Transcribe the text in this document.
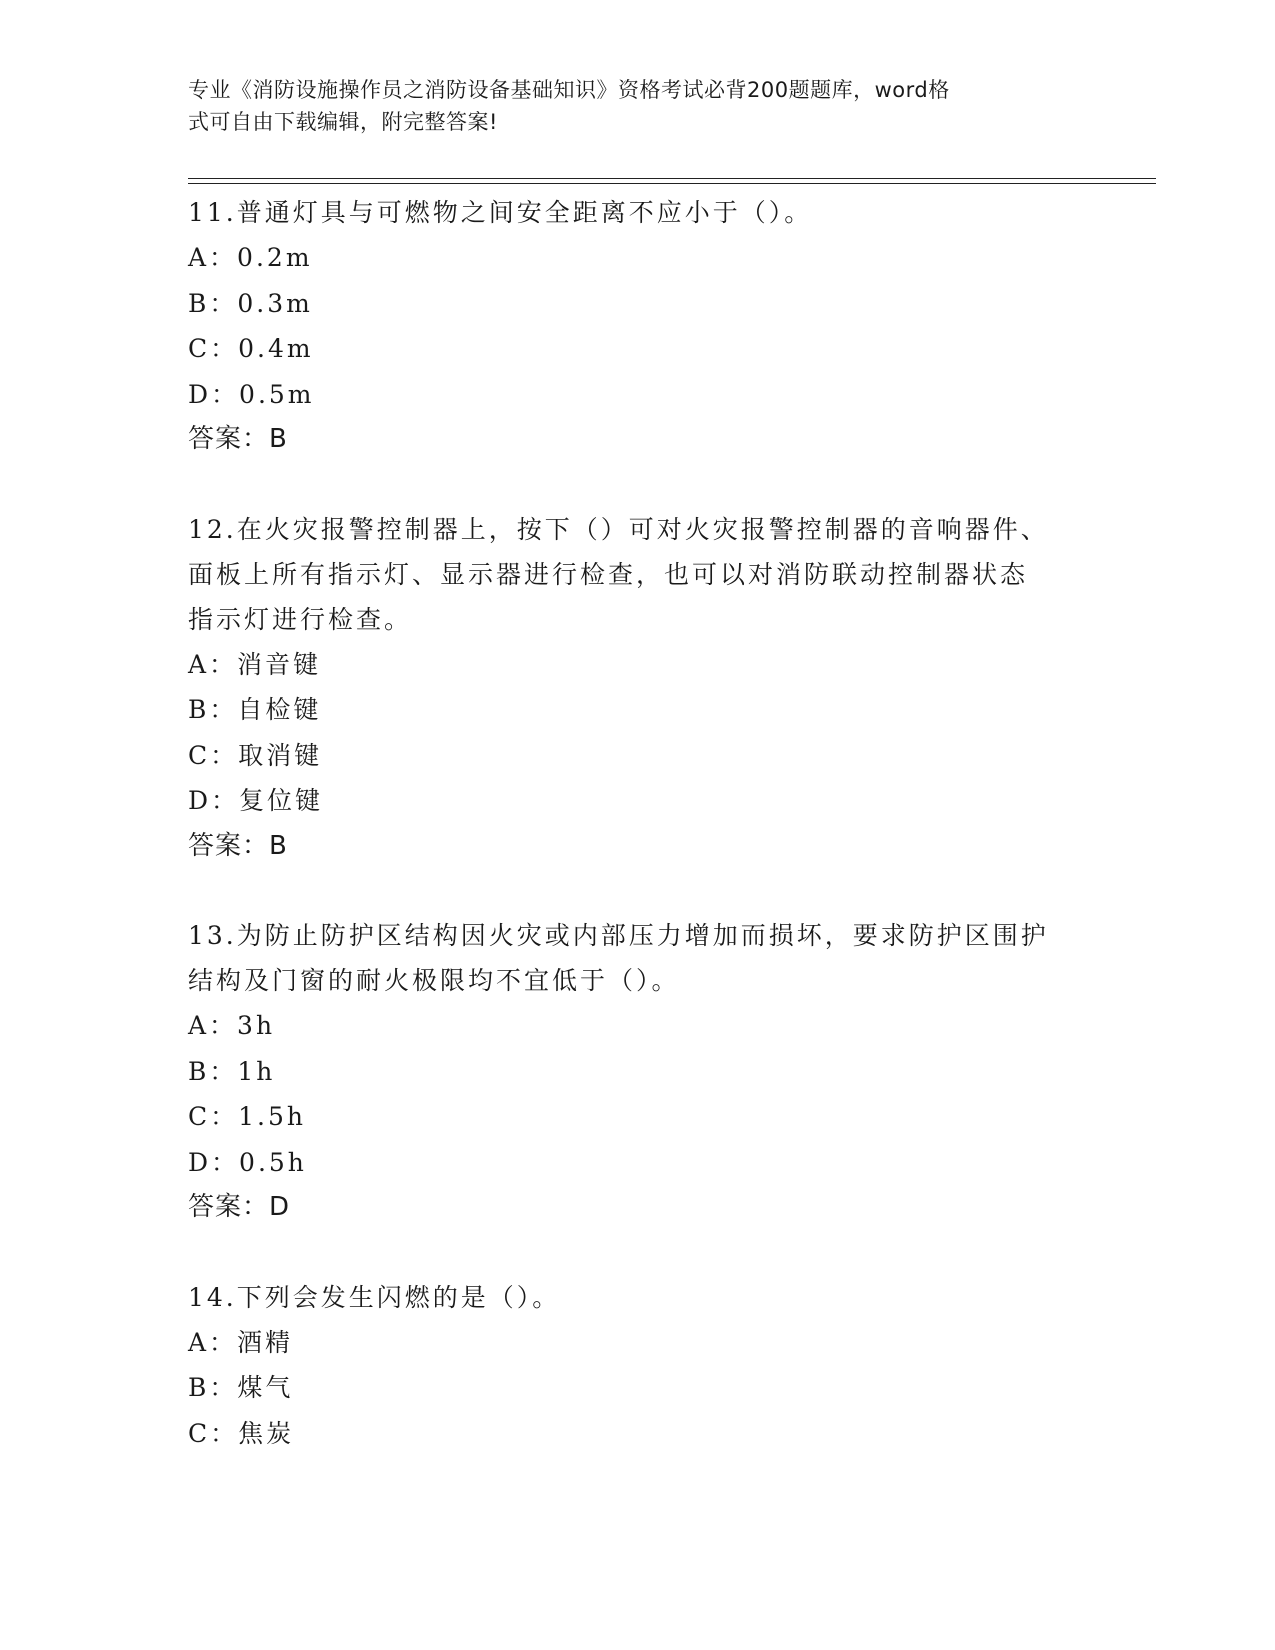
专业《消防设施操作员之消防设备基础知识》资格考试必背200题题库，word格
式可自由下载编辑，附完整答案!
11.普通灯具与可燃物之间安全距离不应小于（）。
A：0.2m
B：0.3m
C：0.4m
D：0.5m
答案：B
12.在火灾报警控制器上，按下（）可对火灾报警控制器的音响器件、
面板上所有指示灯、显示器进行检查，也可以对消防联动控制器状态
指示灯进行检查。
A：消音键
B：自检键
C：取消键
D：复位键
答案：B
13.为防止防护区结构因火灾或内部压力增加而损坏，要求防护区围护
结构及门窗的耐火极限均不宜低于（）。
A：3h
B：1h
C：1.5h
D：0.5h
答案：D
14.下列会发生闪燃的是（）。
A：酒精
B：煤气
C：焦炭
